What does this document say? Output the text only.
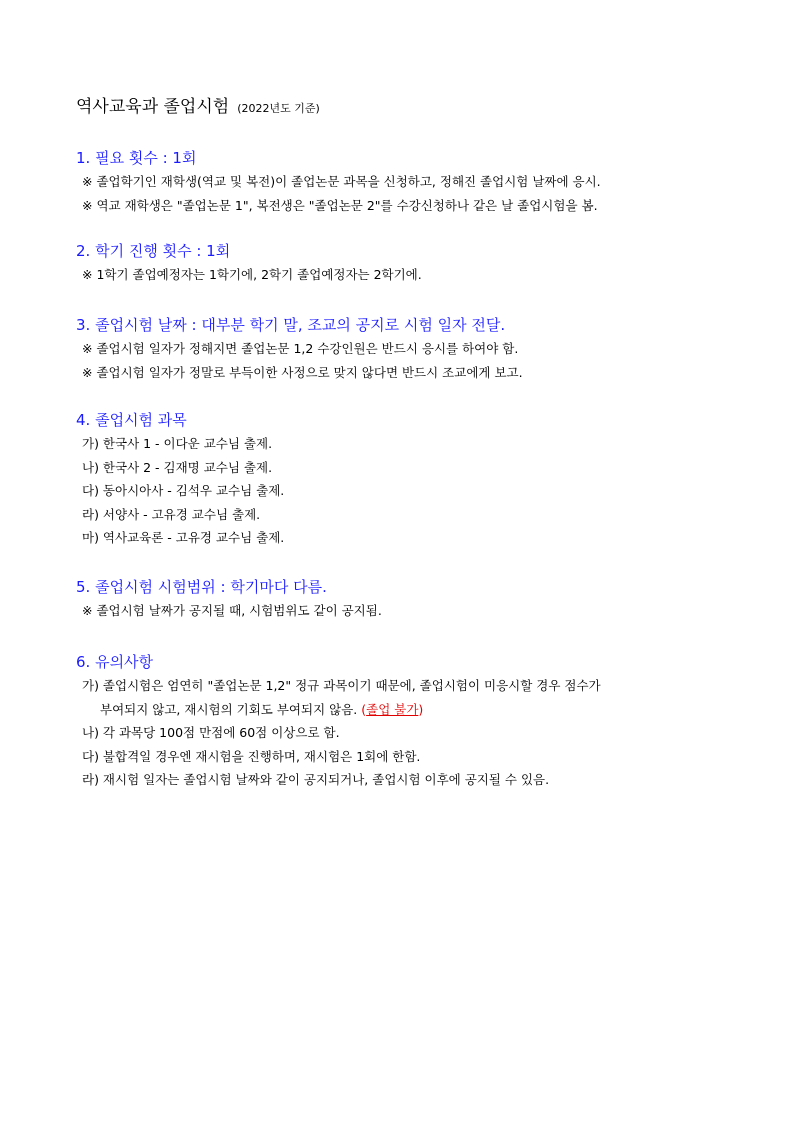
역사교육과 졸업시험 (2022년도 기준)
1. 필요 횟수 : 1회
※ 졸업학기인 재학생(역교 및 복전)이 졸업논문 과목을 신청하고, 정해진 졸업시험 날짜에 응시.
※ 역교 재학생은 "졸업논문 1", 복전생은 "졸업논문 2"를 수강신청하나 같은 날 졸업시험을 봄.
2. 학기 진행 횟수 : 1회
※ 1학기 졸업예정자는 1학기에, 2학기 졸업예정자는 2학기에.
3. 졸업시험 날짜 : 대부분 학기 말, 조교의 공지로 시험 일자 전달.
※ 졸업시험 일자가 정해지면 졸업논문 1,2 수강인원은 반드시 응시를 하여야 함.
※ 졸업시험 일자가 정말로 부득이한 사정으로 맞지 않다면 반드시 조교에게 보고.
4. 졸업시험 과목
가) 한국사 1 - 이다운 교수님 출제.
나) 한국사 2 - 김재명 교수님 출제.
다) 동아시아사 - 김석우 교수님 출제.
라) 서양사 - 고유경 교수님 출제.
마) 역사교육론 - 고유경 교수님 출제.
5. 졸업시험 시험범위 : 학기마다 다름.
※ 졸업시험 날짜가 공지될 때, 시험범위도 같이 공지됨.
6. 유의사항
가) 졸업시험은 엄연히 "졸업논문 1,2" 정규 과목이기 때문에, 졸업시험이 미응시할 경우 점수가
부여되지 않고, 재시험의 기회도 부여되지 않음. (졸업 불가)
나) 각 과목당 100점 만점에 60점 이상으로 함.
다) 불합격일 경우엔 재시험을 진행하며, 재시험은 1회에 한함.
라) 재시험 일자는 졸업시험 날짜와 같이 공지되거나, 졸업시험 이후에 공지될 수 있음.
